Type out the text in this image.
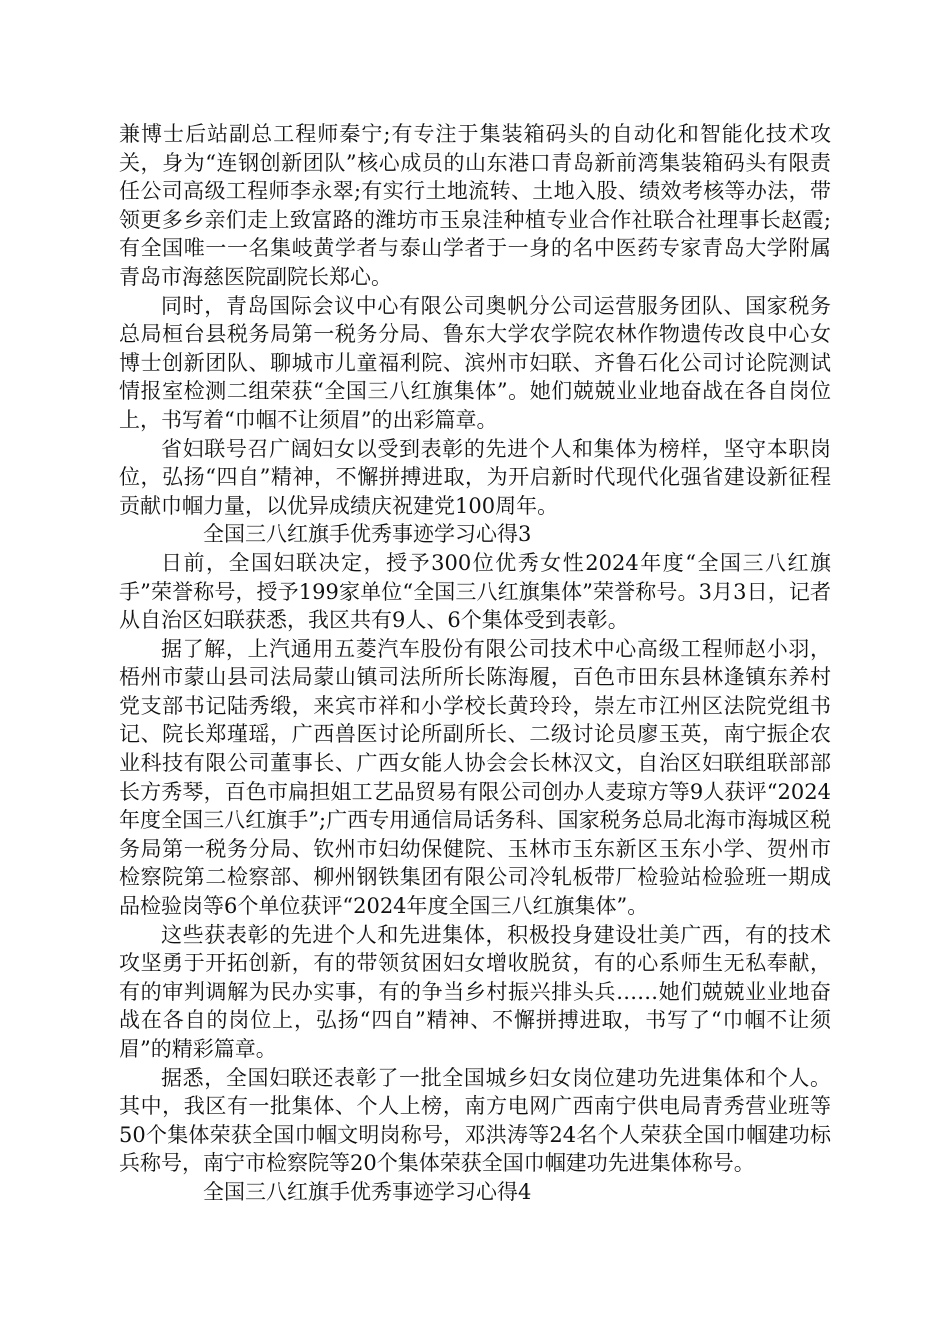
兼博士后站副总工程师秦宁;有专注于集装箱码头的自动化和智能化技术攻关，身为“连钢创新团队”核心成员的山东港口青岛新前湾集装箱码头有限责任公司高级工程师李永翠;有实行土地流转、土地入股、绩效考核等办法，带领更多乡亲们走上致富路的潍坊市玉泉洼种植专业合作社联合社理事长赵霞;有全国唯一一名集岐黄学者与泰山学者于一身的名中医药专家青岛大学附属青岛市海慈医院副院长郑心。

同时，青岛国际会议中心有限公司奥帆分公司运营服务团队、国家税务总局桓台县税务局第一税务分局、鲁东大学农学院农林作物遗传改良中心女博士创新团队、聊城市儿童福利院、滨州市妇联、齐鲁石化公司讨论院测试情报室检测二组荣获“全国三八红旗集体”。她们兢兢业业地奋战在各自岗位上，书写着“巾帼不让须眉”的出彩篇章。

省妇联号召广阔妇女以受到表彰的先进个人和集体为榜样，坚守本职岗位，弘扬“四自”精神，不懈拼搏进取，为开启新时代现代化强省建设新征程贡献巾帼力量，以优异成绩庆祝建党100周年。

全国三八红旗手优秀事迹学习心得3

日前，全国妇联决定，授予300位优秀女性2024年度“全国三八红旗手”荣誉称号，授予199家单位“全国三八红旗集体”荣誉称号。3月3日，记者从自治区妇联获悉，我区共有9人、6个集体受到表彰。

据了解，上汽通用五菱汽车股份有限公司技术中心高级工程师赵小羽，梧州市蒙山县司法局蒙山镇司法所所长陈海履，百色市田东县林逢镇东养村党支部书记陆秀缎，来宾市祥和小学校长黄玲玲，崇左市江州区法院党组书记、院长郑瑾瑶，广西兽医讨论所副所长、二级讨论员廖玉英，南宁振企农业科技有限公司董事长、广西女能人协会会长林汉文，自治区妇联组联部部长方秀琴，百色市扁担姐工艺品贸易有限公司创办人麦琼方等9人获评“2024年度全国三八红旗手”;广西专用通信局话务科、国家税务总局北海市海城区税务局第一税务分局、钦州市妇幼保健院、玉林市玉东新区玉东小学、贺州市检察院第二检察部、柳州钢铁集团有限公司冷轧板带厂检验站检验班一期成品检验岗等6个单位获评“2024年度全国三八红旗集体”。

这些获表彰的先进个人和先进集体，积极投身建设壮美广西，有的技术攻坚勇于开拓创新，有的带领贫困妇女增收脱贫，有的心系师生无私奉献，有的审判调解为民办实事，有的争当乡村振兴排头兵……她们兢兢业业地奋战在各自的岗位上，弘扬“四自”精神、不懈拼搏进取，书写了“巾帼不让须眉”的精彩篇章。

据悉，全国妇联还表彰了一批全国城乡妇女岗位建功先进集体和个人。其中，我区有一批集体、个人上榜，南方电网广西南宁供电局青秀营业班等50个集体荣获全国巾帼文明岗称号，邓洪涛等24名个人荣获全国巾帼建功标兵称号，南宁市检察院等20个集体荣获全国巾帼建功先进集体称号。

全国三八红旗手优秀事迹学习心得4
